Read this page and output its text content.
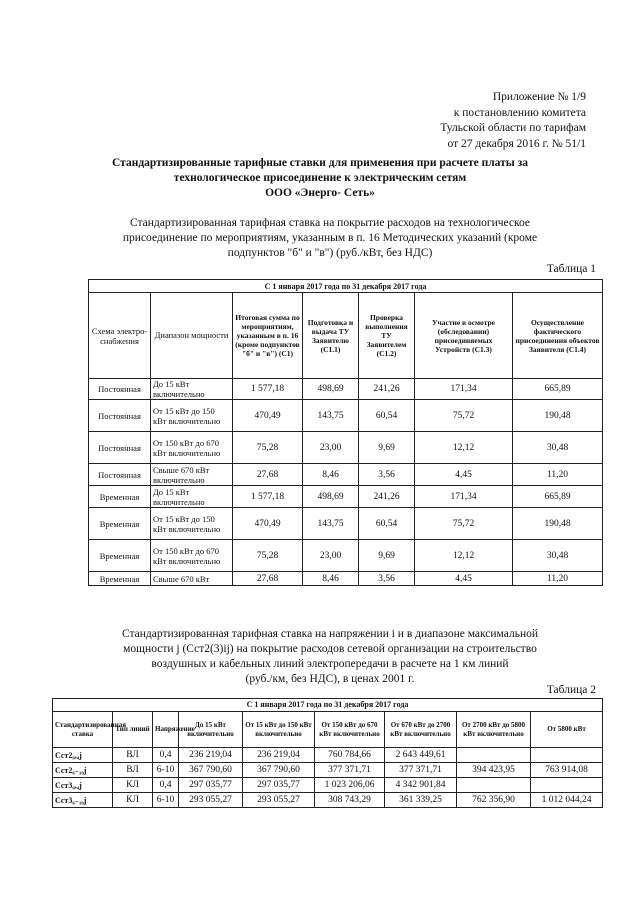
Приложение № 1/9
к постановлению комитета
Тульской области по тарифам
от 27 декабря 2016 г. № 51/1
Стандартизированные тарифные ставки для применения при расчете платы за
технологическое присоединение к электрическим сетям
ООО «Энерго- Сеть»
Стандартизированная тарифная ставка на покрытие расходов на технологическое
присоединение по мероприятиям, указанным в п. 16 Методических указаний (кроме
подпунктов "б" и "в") (руб./кВт, без НДС)
Таблица 1
С 1 января 2017 года по 31 декабря 2017 года						
Схема электро-снабжения	Диапазон мощности	Итоговая сумма по мероприятиям, указанным в п. 16 (кроме подпунктов "б" и "в") (С1)	Подготовка и выдача ТУ Заявителю (С1.1)	Проверка выполнения ТУ Заявителем (С1.2)	Участие в осмотре (обследовании) присоединяемых Устройств (С1.3)	Осуществление фактического присоединения объектов Заявителя (С1.4)
Постоянная	До 15 кВт включительно	1 577,18	498,69	241,26	171,34	665,89
Постоянная	От 15 кВт до 150 кВт включительно	470,49	143,75	60,54	75,72	190,48
Постоянная	От 150 кВт до 670 кВт включительно	75,28	23,00	9,69	12,12	30,48
Постоянная	Свыше 670 кВт включительно	27,68	8,46	3,56	4,45	11,20
Временная	До 15 кВт включительно	1 577,18	498,69	241,26	171,34	665,89
Временная	От 15 кВт до 150 кВт включительно	470,49	143,75	60,54	75,72	190,48
Временная	От 150 кВт до 670 кВт включительно	75,28	23,00	9,69	12,12	30,48
Временная	Свыше 670 кВт	27,68	8,46	3,56	4,45	11,20
Стандартизированная тарифная ставка на напряжении i и в диапазоне максимальной
мощности j (Сст2(3)ij) на покрытие расходов сетевой организации на строительство
воздушных и кабельных линий электропередачи в расчете на 1 км линий
(руб./км, без НДС), в ценах 2001 г.
Таблица 2
С 1 января 2017 года по 31 декабря 2017 года								
Стандартизированная ставка	Тип линий	Напряжение	До 15 кВт включительно	От 15 кВт до 150 кВт включительно	От 150 кВт до 670 кВт включительно	От 670 кВт до 2700 кВт включительно	От 2700 кВт до 5800 кВт включительно	От 5800 кВт
Сст2₀,₄j	ВЛ	0,4	236 219,04	236 219,04	760 784,66	2 643 449,61		
Сст2₆₋₁₀j	ВЛ	6-10	367 790,60	367 790,60	377 371,71	377 371,71	394 423,95	763 914,08
Сст3₀,₄j	КЛ	0,4	297 035,77	297 035,77	1 023 206,06	4 342 901,84		
Сст3₆₋₁₀j	КЛ	6-10	293 055,27	293 055,27	308 743,29	361 339,25	762 356,90	1 012 044,24
